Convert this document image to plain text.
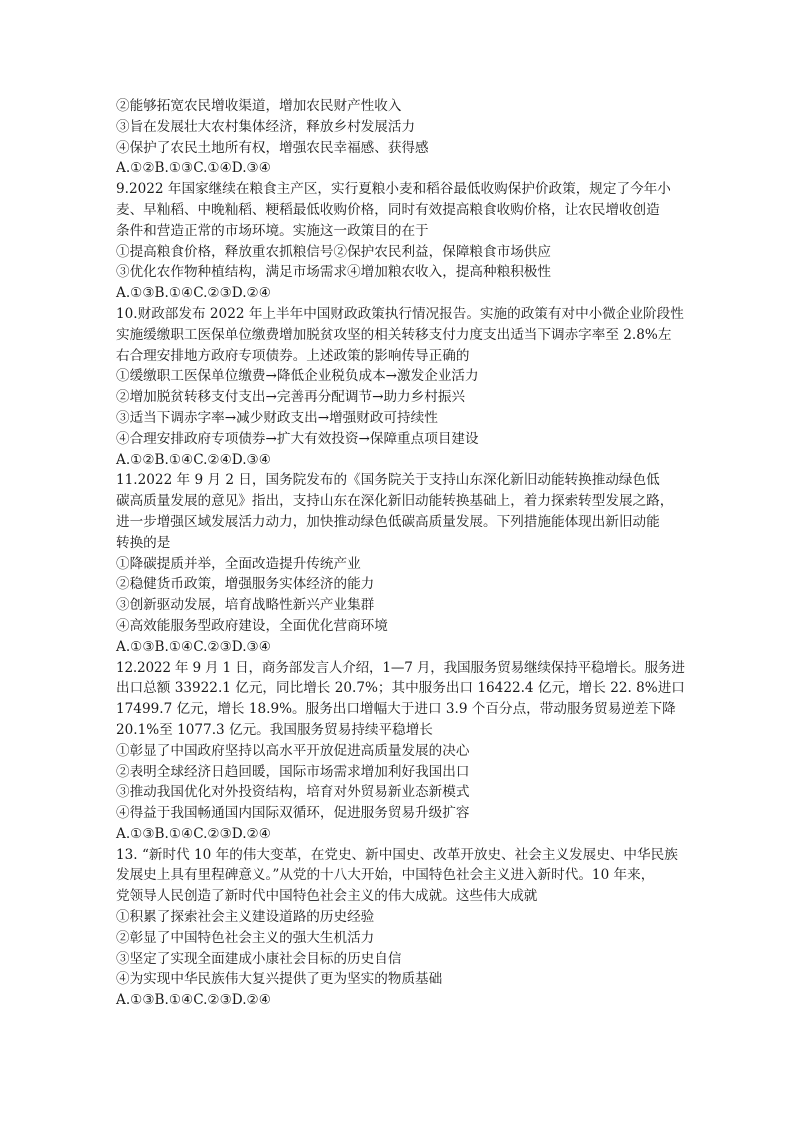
②能够拓宽农民增收渠道，增加农民财产性收入
③旨在发展壮大农村集体经济，释放乡村发展活力
④保护了农民土地所有权，增强农民幸福感、获得感
A.①②B.①③C.①④D.③④
9.2022 年国家继续在粮食主产区，实行夏粮小麦和稻谷最低收购保护价政策，规定了今年小
麦、早籼稻、中晚籼稻、粳稻最低收购价格，同时有效提高粮食收购价格，让农民增收创造
条件和营造正常的市场环境。实施这一政策目的在于
①提高粮食价格，释放重农抓粮信号②保护农民利益，保障粮食市场供应
③优化农作物种植结构，满足市场需求④增加粮农收入，提高种粮积极性
A.①③B.①④C.②③D.②④
10.财政部发布 2022 年上半年中国财政政策执行情况报告。实施的政策有对中小微企业阶段性
实施缓缴职工医保单位缴费增加脱贫攻坚的相关转移支付力度支出适当下调赤字率至 2.8%左
右合理安排地方政府专项债券。上述政策的影响传导正确的
①缓缴职工医保单位缴费→降低企业税负成本→激发企业活力
②增加脱贫转移支付支出→完善再分配调节→助力乡村振兴
③适当下调赤字率→减少财政支出→增强财政可持续性
④合理安排政府专项债券→扩大有效投资→保障重点项目建设
A.①②B.①④C.②④D.③④
11.2022 年 9 月 2 日，国务院发布的《国务院关于支持山东深化新旧动能转换推动绿色低
碳高质量发展的意见》指出，支持山东在深化新旧动能转换基础上，着力探索转型发展之路，
进一步增强区域发展活力动力，加快推动绿色低碳高质量发展。下列措施能体现出新旧动能
转换的是
①降碳提质并举，全面改造提升传统产业
②稳健货币政策，增强服务实体经济的能力
③创新驱动发展，培育战略性新兴产业集群
④高效能服务型政府建设，全面优化营商环境
A.①③B.①④C.②③D.③④
12.2022 年 9 月 1 日，商务部发言人介绍，1—7 月，我国服务贸易继续保持平稳增长。服务进
出口总额 33922.1 亿元，同比增长 20.7%；其中服务出口 16422.4 亿元，增长 22. 8%进口
17499.7 亿元，增长 18.9%。服务出口增幅大于进口 3.9 个百分点，带动服务贸易逆差下降
20.1%至 1077.3 亿元。我国服务贸易持续平稳增长
①彰显了中国政府坚持以高水平开放促进高质量发展的决心
②表明全球经济日趋回暖，国际市场需求增加利好我国出口
③推动我国优化对外投资结构，培育对外贸易新业态新模式
④得益于我国畅通国内国际双循环，促进服务贸易升级扩容
A.①③B.①④C.②③D.②④
13. “新时代 10 年的伟大变革，在党史、新中国史、改革开放史、社会主义发展史、中华民族
发展史上具有里程碑意义。”从党的十八大开始，中国特色社会主义进入新时代。10 年来，
党领导人民创造了新时代中国特色社会主义的伟大成就。这些伟大成就
①积累了探索社会主义建设道路的历史经验
②彰显了中国特色社会主义的强大生机活力
③坚定了实现全面建成小康社会目标的历史自信
④为实现中华民族伟大复兴提供了更为坚实的物质基础
A.①③B.①④C.②③D.②④
